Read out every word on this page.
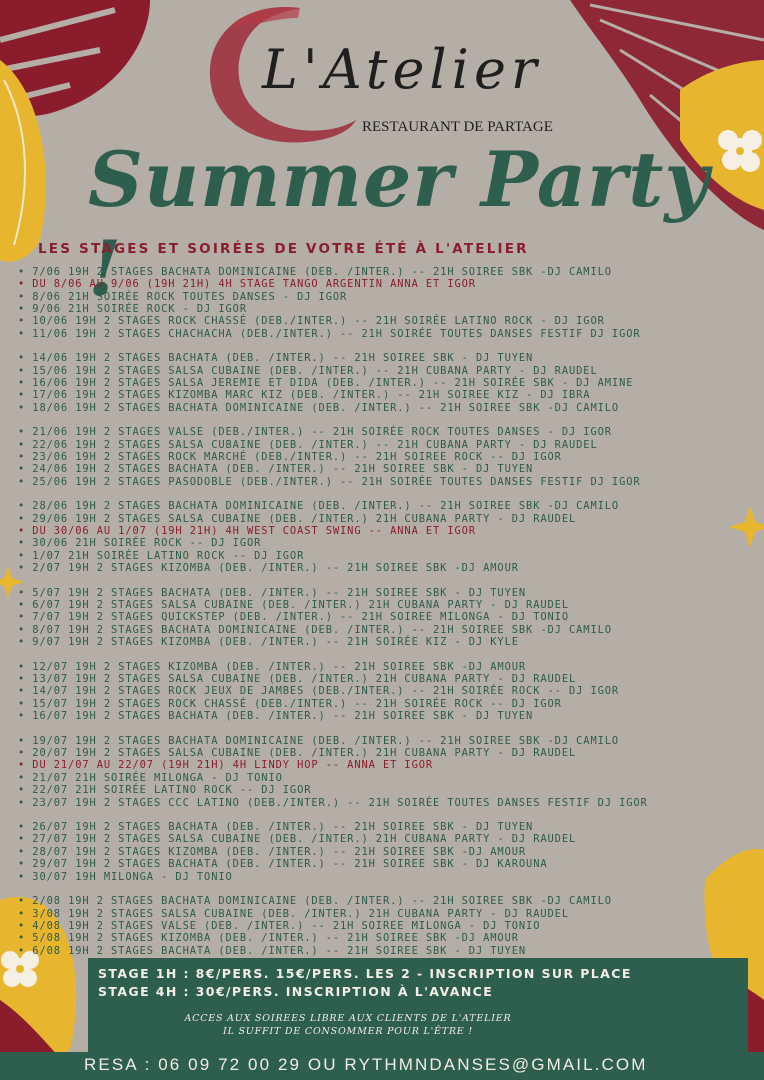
L'Atelier
RESTAURANT DE PARTAGE
Summer Party !
LES STAGES ET SOIRÉES DE VOTRE ÉTÉ À L'ATELIER
• 7/06 19H 2 STAGES BACHATA DOMINICAINE (DEB. /INTER.) -- 21H SOIREE SBK -DJ CAMILO
• DU 8/06 AU 9/06 (19H 21H) 4H STAGE TANGO ARGENTIN ANNA ET IGOR
• 8/06 21H SOIRÉE ROCK TOUTES DANSES - DJ IGOR
• 9/06 21H SOIRÉE ROCK - DJ IGOR
• 10/06 19H 2 STAGES ROCK CHASSÉ (DEB./INTER.) -- 21H SOIRÉE LATINO ROCK - DJ IGOR
• 11/06 19H 2 STAGES CHACHACHA (DEB./INTER.) -- 21H SOIRÉE TOUTES DANSES FESTIF DJ IGOR
• 14/06 19H 2 STAGES BACHATA (DEB. /INTER.) -- 21H SOIREE SBK - DJ TUYEN
• 15/06 19H 2 STAGES SALSA CUBAINE (DEB. /INTER.) -- 21H CUBANA PARTY - DJ RAUDEL
• 16/06 19H 2 STAGES SALSA JEREMIE ET DIDA (DEB. /INTER.) -- 21H SOIRÉE SBK - DJ AMINE
• 17/06 19H 2 STAGES KIZOMBA MARC KIZ (DEB. /INTER.) -- 21H SOIREE KIZ - DJ IBRA
• 18/06 19H 2 STAGES BACHATA DOMINICAINE (DEB. /INTER.) -- 21H SOIREE SBK -DJ CAMILO
• 21/06 19H 2 STAGES VALSE (DEB./INTER.) -- 21H SOIRÉE ROCK TOUTES DANSES - DJ IGOR
• 22/06 19H 2 STAGES SALSA CUBAINE (DEB. /INTER.) -- 21H CUBANA PARTY - DJ RAUDEL
• 23/06 19H 2 STAGES ROCK MARCHÉ (DEB./INTER.) -- 21H SOIREE ROCK -- DJ IGOR
• 24/06 19H 2 STAGES BACHATA (DEB. /INTER.) -- 21H SOIREE SBK - DJ TUYEN
• 25/06 19H 2 STAGES PASODOBLE (DEB./INTER.) -- 21H SOIRÉE TOUTES DANSES FESTIF DJ IGOR
• 28/06 19H 2 STAGES BACHATA DOMINICAINE (DEB. /INTER.) -- 21H SOIREE SBK -DJ CAMILO
• 29/06 19H 2 STAGES SALSA CUBAINE (DEB. /INTER.) 21H CUBANA PARTY - DJ RAUDEL
• DU 30/06 AU 1/07 (19H 21H) 4H WEST COAST SWING -- ANNA ET IGOR
• 30/06 21H SOIRÉE ROCK -- DJ IGOR
• 1/07 21H SOIRÉE LATINO ROCK -- DJ IGOR
• 2/07 19H 2 STAGES KIZOMBA (DEB. /INTER.) -- 21H SOIREE SBK -DJ AMOUR
• 5/07 19H 2 STAGES BACHATA (DEB. /INTER.) -- 21H SOIREE SBK - DJ TUYEN
• 6/07 19H 2 STAGES SALSA CUBAINE (DEB. /INTER.) 21H CUBANA PARTY - DJ RAUDEL
• 7/07 19H 2 STAGES QUICKSTEP (DEB. /INTER.) -- 21H SOIREE MILONGA - DJ TONIO
• 8/07 19H 2 STAGES BACHATA DOMINICAINE (DEB. /INTER.) -- 21H SOIREE SBK -DJ CAMILO
• 9/07 19H 2 STAGES KIZOMBA (DEB. /INTER.) -- 21H SOIRÉE KIZ - DJ KYLE
• 12/07 19H 2 STAGES KIZOMBA (DEB. /INTER.) -- 21H SOIREE SBK -DJ AMOUR
• 13/07 19H 2 STAGES SALSA CUBAINE (DEB. /INTER.) 21H CUBANA PARTY - DJ RAUDEL
• 14/07 19H 2 STAGES ROCK JEUX DE JAMBES (DEB./INTER.) -- 21H SOIRÉE ROCK -- DJ IGOR
• 15/07 19H 2 STAGES ROCK CHASSÉ (DEB./INTER.) -- 21H SOIRÉE ROCK -- DJ IGOR
• 16/07 19H 2 STAGES BACHATA (DEB. /INTER.) -- 21H SOIREE SBK - DJ TUYEN
• 19/07 19H 2 STAGES BACHATA DOMINICAINE (DEB. /INTER.) -- 21H SOIREE SBK -DJ CAMILO
• 20/07 19H 2 STAGES SALSA CUBAINE (DEB. /INTER.) 21H CUBANA PARTY - DJ RAUDEL
• DU 21/07 AU 22/07 (19H 21H) 4H LINDY HOP -- ANNA ET IGOR
• 21/07 21H SOIRÉE MILONGA - DJ TONIO
• 22/07 21H SOIRÉE LATINO ROCK -- DJ IGOR
• 23/07 19H 2 STAGES CCC LATINO (DEB./INTER.) -- 21H SOIRÉE TOUTES DANSES FESTIF DJ IGOR
• 26/07 19H 2 STAGES BACHATA (DEB. /INTER.) -- 21H SOIREE SBK - DJ TUYEN
• 27/07 19H 2 STAGES SALSA CUBAINE (DEB. /INTER.) 21H CUBANA PARTY - DJ RAUDEL
• 28/07 19H 2 STAGES KIZOMBA (DEB. /INTER.) -- 21H SOIREE SBK -DJ AMOUR
• 29/07 19H 2 STAGES BACHATA (DEB. /INTER.) -- 21H SOIREE SBK - DJ KAROUNA
• 30/07 19H MILONGA - DJ TONIO
• 2/08 19H 2 STAGES BACHATA DOMINICAINE (DEB. /INTER.) -- 21H SOIREE SBK -DJ CAMILO
• 3/08 19H 2 STAGES SALSA CUBAINE (DEB. /INTER.) 21H CUBANA PARTY - DJ RAUDEL
• 4/08 19H 2 STAGES VALSE (DEB. /INTER.) -- 21H SOIREE MILONGA - DJ TONIO
• 5/08 19H 2 STAGES KIZOMBA (DEB. /INTER.) -- 21H SOIREE SBK -DJ AMOUR
• 6/08 19H 2 STAGES BACHATA (DEB. /INTER.) -- 21H SOIREE SBK - DJ TUYEN
STAGE 1H : 8€/PERS. 15€/PERS. LES 2 - INSCRIPTION SUR PLACE
STAGE 4H : 30€/PERS. INSCRIPTION À L'AVANCE
ACCES AUX SOIREES LIBRE AUX CLIENTS DE L'ATELIER
IL SUFFIT DE CONSOMMER POUR L'ÊTRE !
RESA : 06 09 72 00 29 OU RYTHMNDANSES@GMAIL.COM
